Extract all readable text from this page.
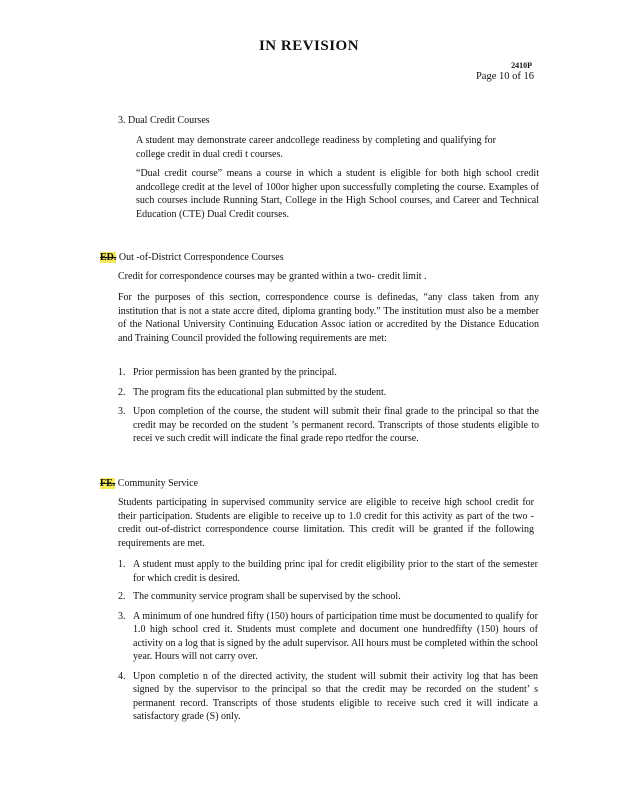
IN REVISION
2410P
Page 10 of 16
3. Dual Credit Courses
A student may demonstrate career andcollege readiness by completing and qualifying for college credit in dual credi t courses.
“Dual credit course” means a course in which a student is eligible for both high school credit andcollege credit at the level of 100or higher upon successfully completing the course. Examples of such courses include Running Start, College in the High School courses, and Career and Technical Education (CTE) Dual Credit courses.
ED. Out -of-District Correspondence Courses
Credit for correspondence courses may be granted within a two- credit limit .
For the purposes of this section, correspondence course is definedas, “any class taken from any institution that is not a state accre dited, diploma granting body.” The institution must also be a member of the National University Continuing Education Assoc iation or accredited by the Distance Education and Training Council provided the following requirements are met:
1. Prior permission has been granted by the principal.
2. The program fits the educational plan submitted by the student.
3. Upon completion of the course, the student will submit their final grade to the principal so that the credit may be recorded on the student ’s permanent record. Transcripts of those students eligible to recei ve such credit will indicate the final grade repo rtedfor the course.
FE. Community Service
Students participating in supervised community service are eligible to receive high school credit for their participation. Students are eligible to receive up to 1.0 credit for this activity as part of the two -credit out-of-district correspondence course limitation. This credit will be granted if the following requirements are met.
1. A student must apply to the building princ ipal for credit eligibility prior to the start of the semester for which credit is desired.
2. The community service program shall be supervised by the school.
3. A minimum of one hundred fifty (150) hours of participation time must be documented to qualify for 1.0 high school cred it. Students must complete and document one hundredfifty (150) hours of activity on a log that is signed by the adult supervisor. All hours must be completed within the school year. Hours will not carry over.
4. Upon completio n of the directed activity, the student will submit their activity log that has been signed by the supervisor to the principal so that the credit may be recorded on the student’ s permanent record. Transcripts of those students eligible to receive such cred it will indicate a satisfactory grade (S) only.
